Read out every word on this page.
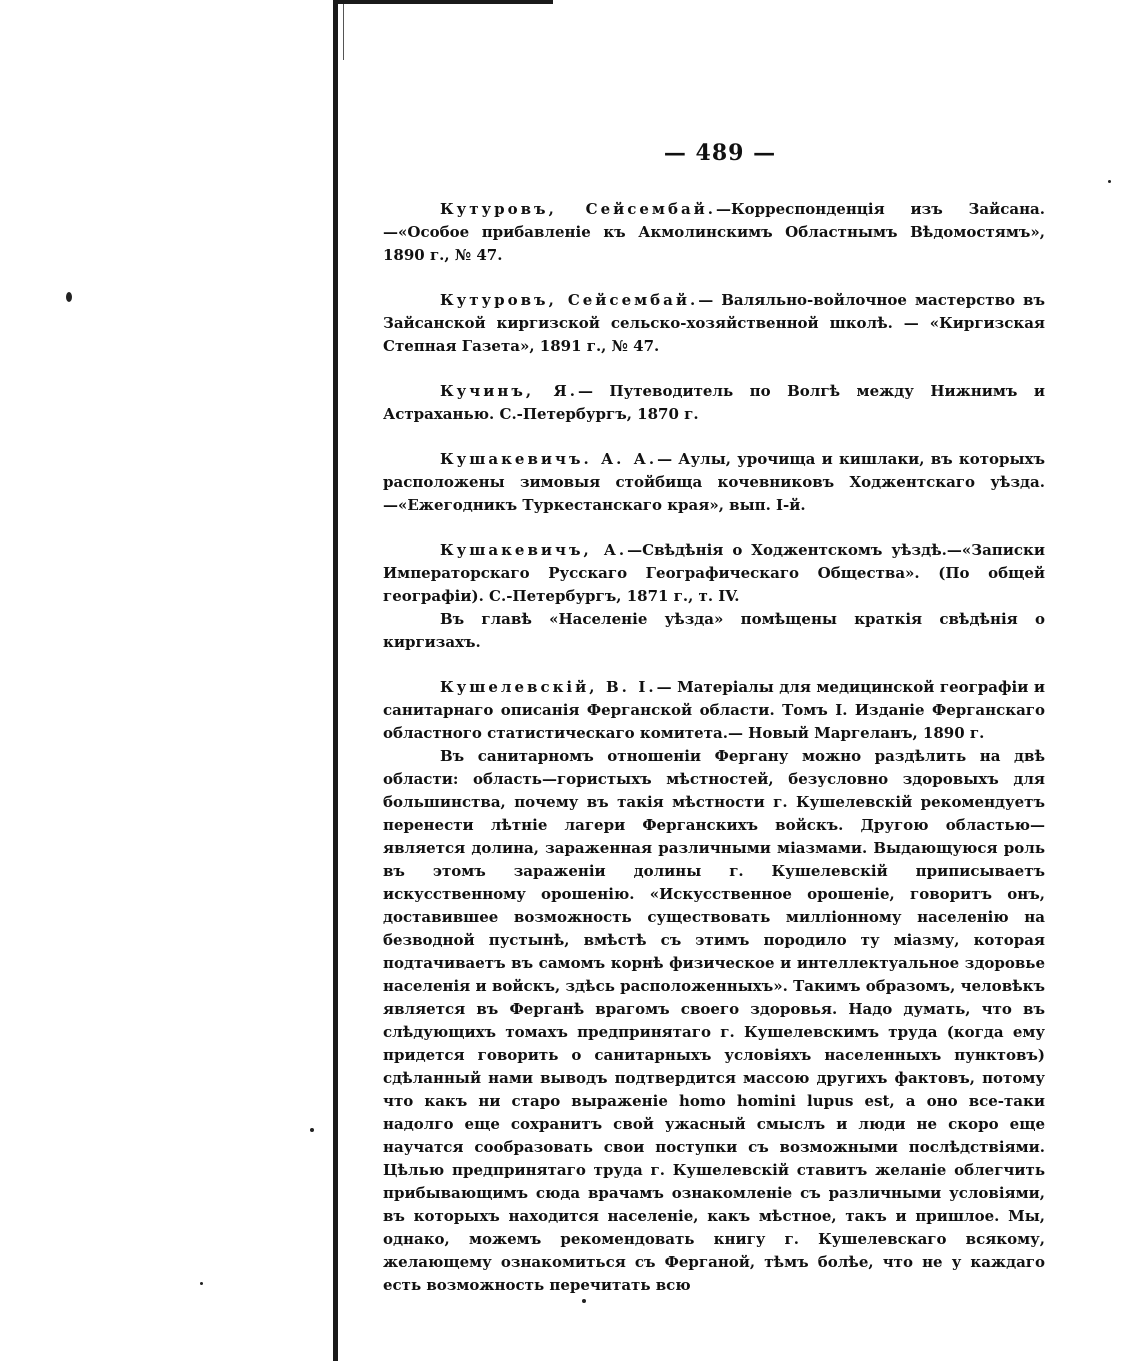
— 489 —

Кутуровъ, Сейсембай.—Корреспонденція изъ Зайсана.—«Особое прибавленіе къ Акмолинскимъ Областнымъ Вѣдомостямъ», 1890 г., № 47.

Кутуровъ, Сейсембай.— Валяльно-войлочное мастерство въ Зайсанской киргизской сельско-хозяйственной школѣ. — «Киргизская Степная Газета», 1891 г., № 47.

Кучинъ, Я.— Путеводитель по Волгѣ между Нижнимъ и Астраханью. С.-Петербургъ, 1870 г.

Кушакевичъ. А. А.— Аулы, урочища и кишлаки, въ которыхъ расположены зимовыя стойбища кочевниковъ Ходжентскаго уѣзда.—«Ежегодникъ Туркестанскаго края», вып. I-й.

Кушакевичъ, А.—Свѣдѣнія о Ходжентскомъ уѣздѣ.—«Записки Императорскаго Русскаго Географическаго Общества». (По общей географіи). С.-Петербургъ, 1871 г., т. IV.

Въ главѣ «Населеніе уѣзда» помѣщены краткія свѣдѣнія о киргизахъ.

Кушелевскій, В. І.— Матеріалы для медицинской географіи и санитарнаго описанія Ферганской области. Томъ I. Изданіе Ферганскаго областного статистическаго комитета.— Новый Маргеланъ, 1890 г.

Въ санитарномъ отношеніи Фергану можно раздѣлить на двѣ области: область—гористыхъ мѣстностей, безусловно здоровыхъ для большинства, почему въ такія мѣстности г. Кушелевскій рекомендуетъ перенести лѣтніе лагери Ферганскихъ войскъ. Другою областью—является долина, зараженная различными міазмами. Выдающуюся роль въ этомъ зараженіи долины г. Кушелевскій приписываетъ искусственному орошенію. «Искусственное орошеніе, говоритъ онъ, доставившее возможность существовать милліонному населенію на безводной пустынѣ, вмѣстѣ съ этимъ породило ту міазму, которая подтачиваетъ въ самомъ корнѣ физическое и интеллектуальное здоровье населенія и войскъ, здѣсь расположенныхъ». Такимъ образомъ, человѣкъ является въ Ферганѣ врагомъ своего здоровья. Надо думать, что въ слѣдующихъ томахъ предпринятаго г. Кушелевскимъ труда (когда ему придется говорить о санитарныхъ условіяхъ населенныхъ пунктовъ) сдѣланный нами выводъ подтвердится массою другихъ фактовъ, потому что какъ ни старо выраженіе homo homini lupus est, а оно все-таки надолго еще сохранитъ свой ужасный смыслъ и люди не скоро еще научатся сообразовать свои поступки съ возможными послѣдствіями. Цѣлью предпринятаго труда г. Кушелевскій ставитъ желаніе облегчить прибывающимъ сюда врачамъ ознакомленіе съ различными условіями, въ которыхъ находится населеніе, какъ мѣстное, такъ и пришлое. Мы, однако, можемъ рекомендовать книгу г. Кушелевскаго всякому, желающему ознакомиться съ Ферганой, тѣмъ болѣе, что не у каждаго есть возможность перечитать всю
